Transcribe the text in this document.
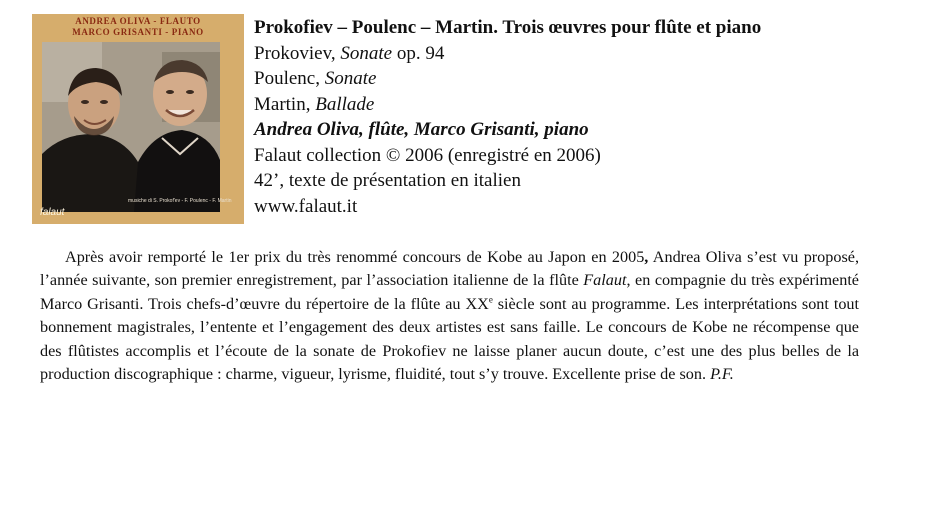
ANDREA OLIVA - FLAUTO
MARCO GRISANTI - PIANO
musiche di S. Prokof'ev - F. Poulenc - F. Martin
falaut
Prokofiev – Poulenc – Martin. Trois œuvres pour flûte et piano
Prokoviev, Sonate op. 94
Poulenc, Sonate
Martin, Ballade
Andrea Oliva, flûte, Marco Grisanti, piano
Falaut collection © 2006 (enregistré en 2006)
42’, texte de présentation en italien
www.falaut.it

Après avoir remporté le 1er prix du très renommé concours de Kobe au Japon en 2005, Andrea Oliva s’est vu proposé, l’année suivante, son premier enregistrement, par l’association italienne de la flûte Falaut, en compagnie du très expérimenté Marco Grisanti. Trois chefs-d’œuvre du répertoire de la flûte au XXe siècle sont au programme. Les interprétations sont tout bonnement magistrales, l’entente et l’engagement des deux artistes est sans faille. Le concours de Kobe ne récompense que des flûtistes accomplis et l’écoute de la sonate de Prokofiev ne laisse planer aucun doute, c’est une des plus belles de la production discographique : charme, vigueur, lyrisme, fluidité, tout s’y trouve. Excellente prise de son. P.F.
